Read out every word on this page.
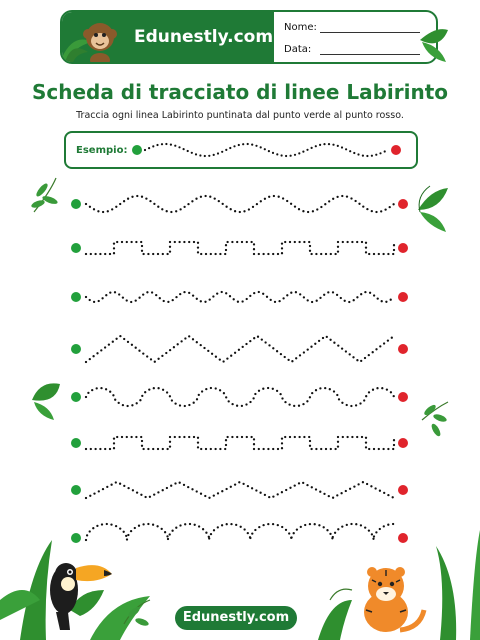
Edunestly.com Nome:
Data:
Scheda di tracciato di linee Labirinto
Traccia ogni linea Labirinto puntinata dal punto verde al punto rosso.
Esempio:
Edunestly.com
